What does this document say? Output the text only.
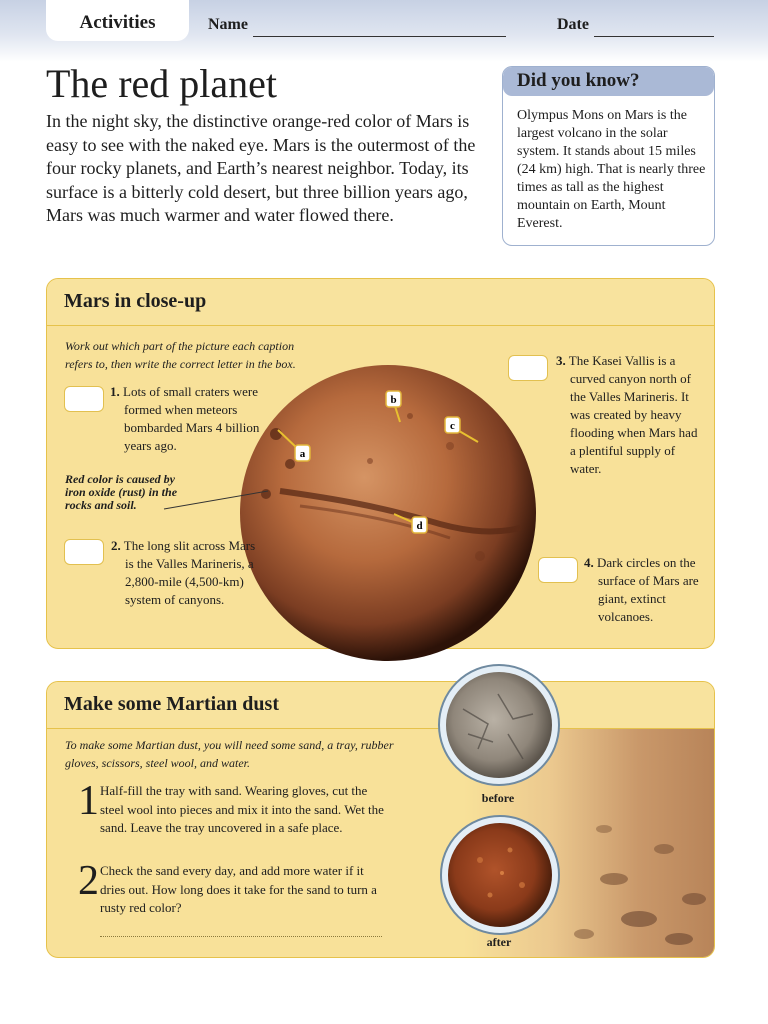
Activities	Name	Date
The red planet

In the night sky, the distinctive orange-red color of Mars is easy to see with the naked eye. Mars is the outermost of the four rocky planets, and Earth’s nearest neighbor. Today, its surface is a bitterly cold desert, but three billion years ago, Mars was much warmer and water flowed there.

Did you know?
Olympus Mons on Mars is the largest volcano in the solar system. It stands about 15 miles (24 km) high. That is nearly three times as tall as the highest mountain on Earth, Mount Everest.
Mars in close-up
Work out which part of the picture each caption refers to, then write the correct letter in the box.
a
b
c
d
Red color is caused by iron oxide (rust) in the rocks and soil.
1. Lots of small craters were formed when meteors bombarded Mars 4 billion years ago.
2. The long slit across Mars is the Valles Marineris, a 2,800-mile (4,500-km) system of canyons.
3. The Kasei Vallis is a curved canyon north of the Valles Marineris. It was created by heavy flooding when Mars had a plentiful supply of water.
4. Dark circles on the surface of Mars are giant, extinct volcanoes.
Make some Martian dust
To make some Martian dust, you will need some sand, a tray, rubber gloves, scissors, steel wool, and water.
1 Half-fill the tray with sand. Wearing gloves, cut the steel wool into pieces and mix it into the sand. Wet the sand. Leave the tray uncovered in a safe place.
2 Check the sand every day, and add more water if it dries out. How long does it take for the sand to turn a rusty red color?
before
after
